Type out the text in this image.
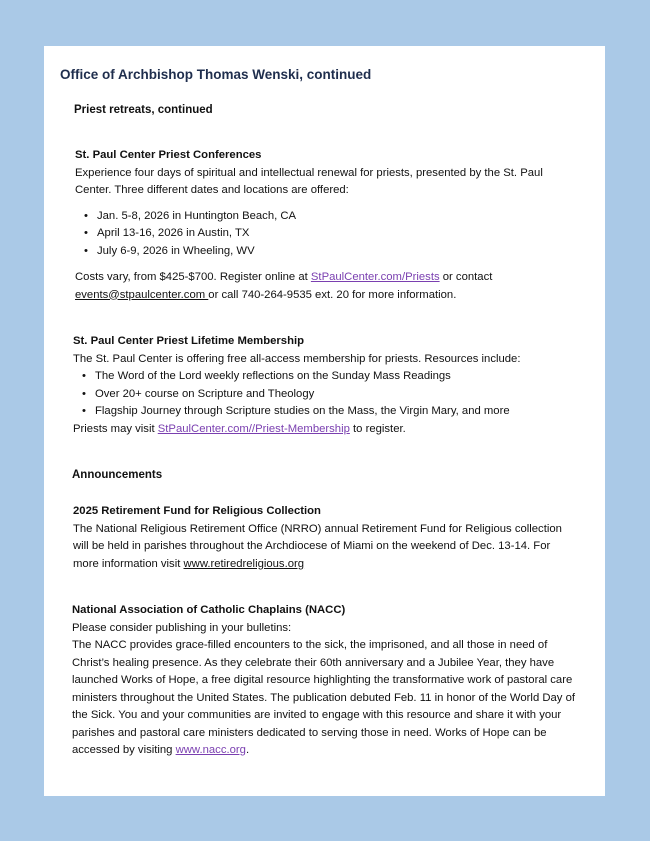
Office of Archbishop Thomas Wenski, continued
Priest retreats, continued
St. Paul Center Priest Conferences
Experience four days of spiritual and intellectual renewal for priests, presented by the St. Paul Center. Three different dates and locations are offered:
• Jan. 5-8, 2026 in Huntington Beach, CA
• April 13-16, 2026 in Austin, TX
• July 6-9, 2026 in Wheeling, WV
Costs vary, from $425-$700. Register online at StPaulCenter.com/Priests or contact events@stpaulcenter.com or call 740-264-9535 ext. 20 for more information.
St. Paul Center Priest Lifetime Membership
The St. Paul Center is offering free all-access membership for priests. Resources include:
• The Word of the Lord weekly reflections on the Sunday Mass Readings
• Over 20+ course on Scripture and Theology
• Flagship Journey through Scripture studies on the Mass, the Virgin Mary, and more
Priests may visit StPaulCenter.com//Priest-Membership to register.
Announcements
2025 Retirement Fund for Religious Collection
The National Religious Retirement Office (NRRO) annual Retirement Fund for Religious collection will be held in parishes throughout the Archdiocese of Miami on the weekend of Dec. 13-14. For more information visit www.retiredreligious.org
National Association of Catholic Chaplains (NACC)
Please consider publishing in your bulletins:
The NACC provides grace-filled encounters to the sick, the imprisoned, and all those in need of Christ’s healing presence. As they celebrate their 60th anniversary and a Jubilee Year, they have launched Works of Hope, a free digital resource highlighting the transformative work of pastoral care ministers throughout the United States. The publication debuted Feb. 11 in honor of the World Day of the Sick. You and your communities are invited to engage with this resource and share it with your parishes and pastoral care ministers dedicated to serving those in need. Works of Hope can be accessed by visiting www.nacc.org.
